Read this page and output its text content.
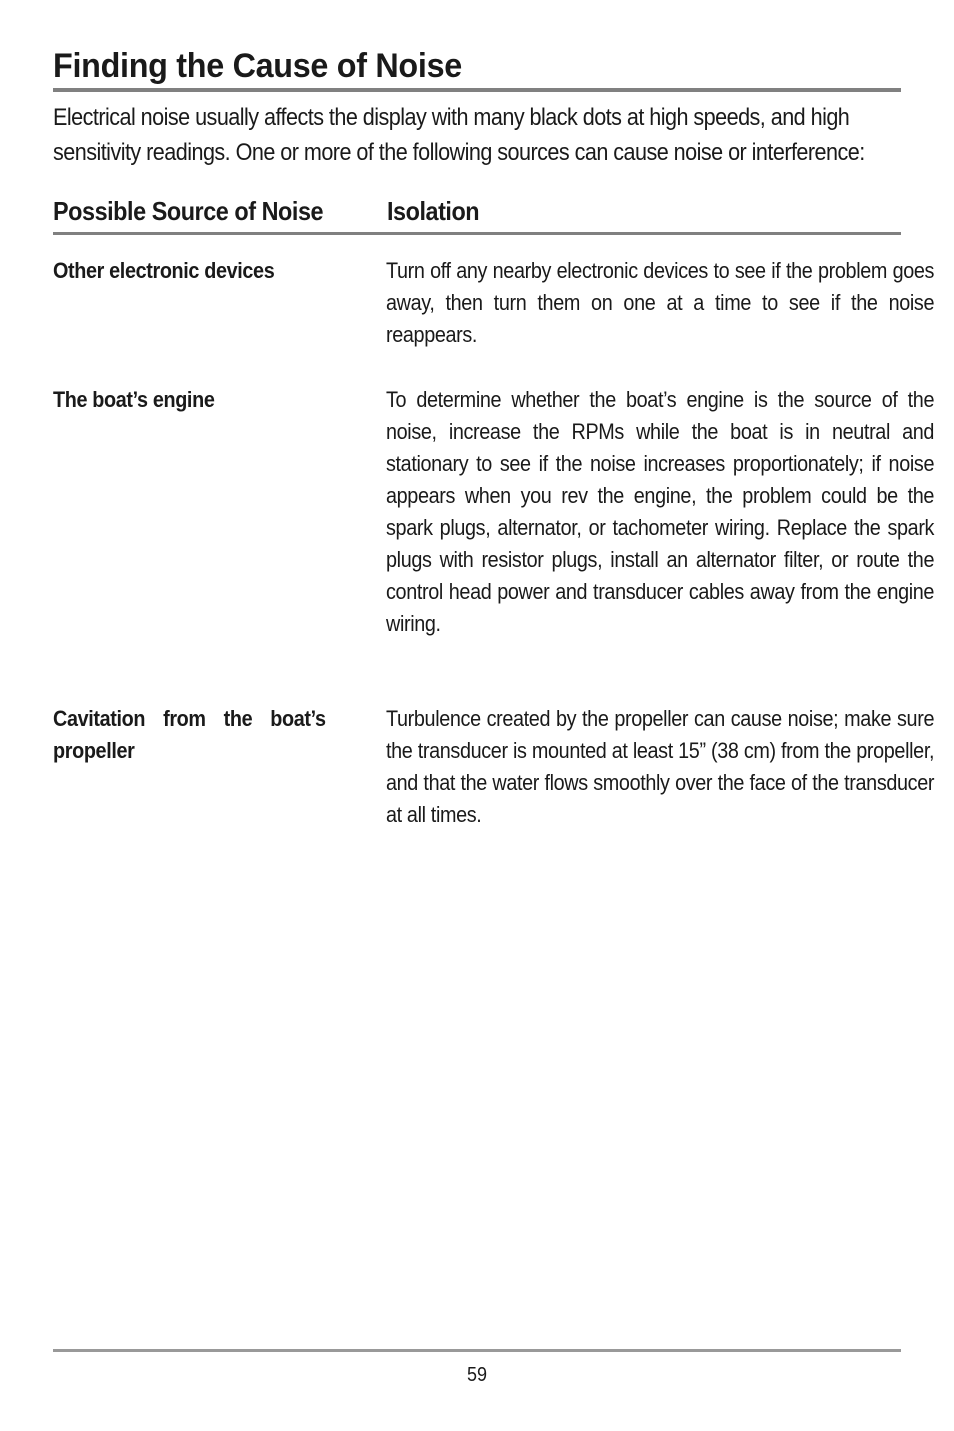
Finding the Cause of Noise
Electrical noise usually affects the display with many black dots at high speeds, and high sensitivity readings. One or more of the following sources can cause noise or interference:
Possible Source of Noise Isolation
Other electronic devices	Turn off any nearby electronic devices to see if the problem goes away, then turn them on one at a time to see if the noise reappears.
The boat’s engine	To determine whether the boat’s engine is the source of the noise, increase the RPMs while the boat is in neutral and stationary to see if the noise increases proportionately; if noise appears when you rev the engine, the problem could be the spark plugs, alternator, or tachometer wiring. Replace the spark plugs with resistor plugs, install an alternator filter, or route the control head power and transducer cables away from the engine wiring.
Cavitation from the boat’s propeller
Turbulence created by the propeller can cause noise; make sure the transducer is mounted at least 15” (38 cm) from the propeller, and that the water flows smoothly over the face of the transducer at all times.
59
